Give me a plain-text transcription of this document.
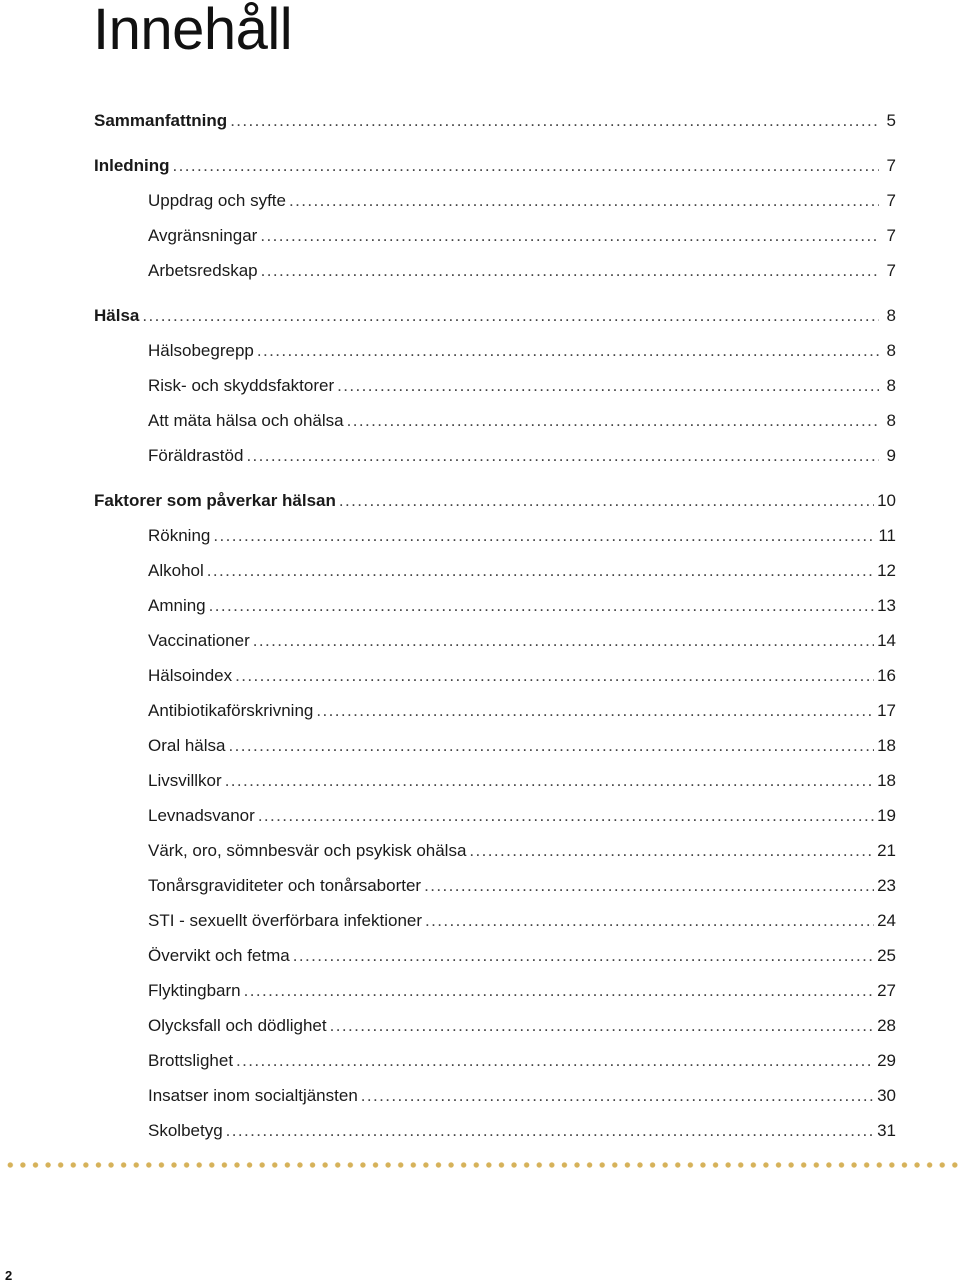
Innehåll
Sammanfattning .....	5
Inledning .....	7
Uppdrag och syfte .....	7
Avgränsningar .....	7
Arbetsredskap .....	7
Hälsa .....	8
Hälsobegrepp .....	8
Risk- och skyddsfaktorer .....	8
Att mäta hälsa och ohälsa .....	8
Föräldrastöd .....	9
Faktorer som påverkar hälsan .....	10
Rökning .....	11
Alkohol .....	12
Amning .....	13
Vaccinationer .....	14
Hälsoindex .....	16
Antibiotikaförskrivning .....	17
Oral hälsa .....	18
Livsvillkor .....	18
Levnadsvanor .....	19
Värk, oro, sömnbesvär och psykisk ohälsa .....	21
Tonårsgraviditeter och tonårsaborter .....	23
STI - sexuellt överförbara infektioner .....	24
Övervikt och fetma .....	25
Flyktingbarn .....	27
Olycksfall och dödlighet .....	28
Brottslighet .....	29
Insatser inom socialtjänsten .....	30
Skolbetyg .....	31
2
